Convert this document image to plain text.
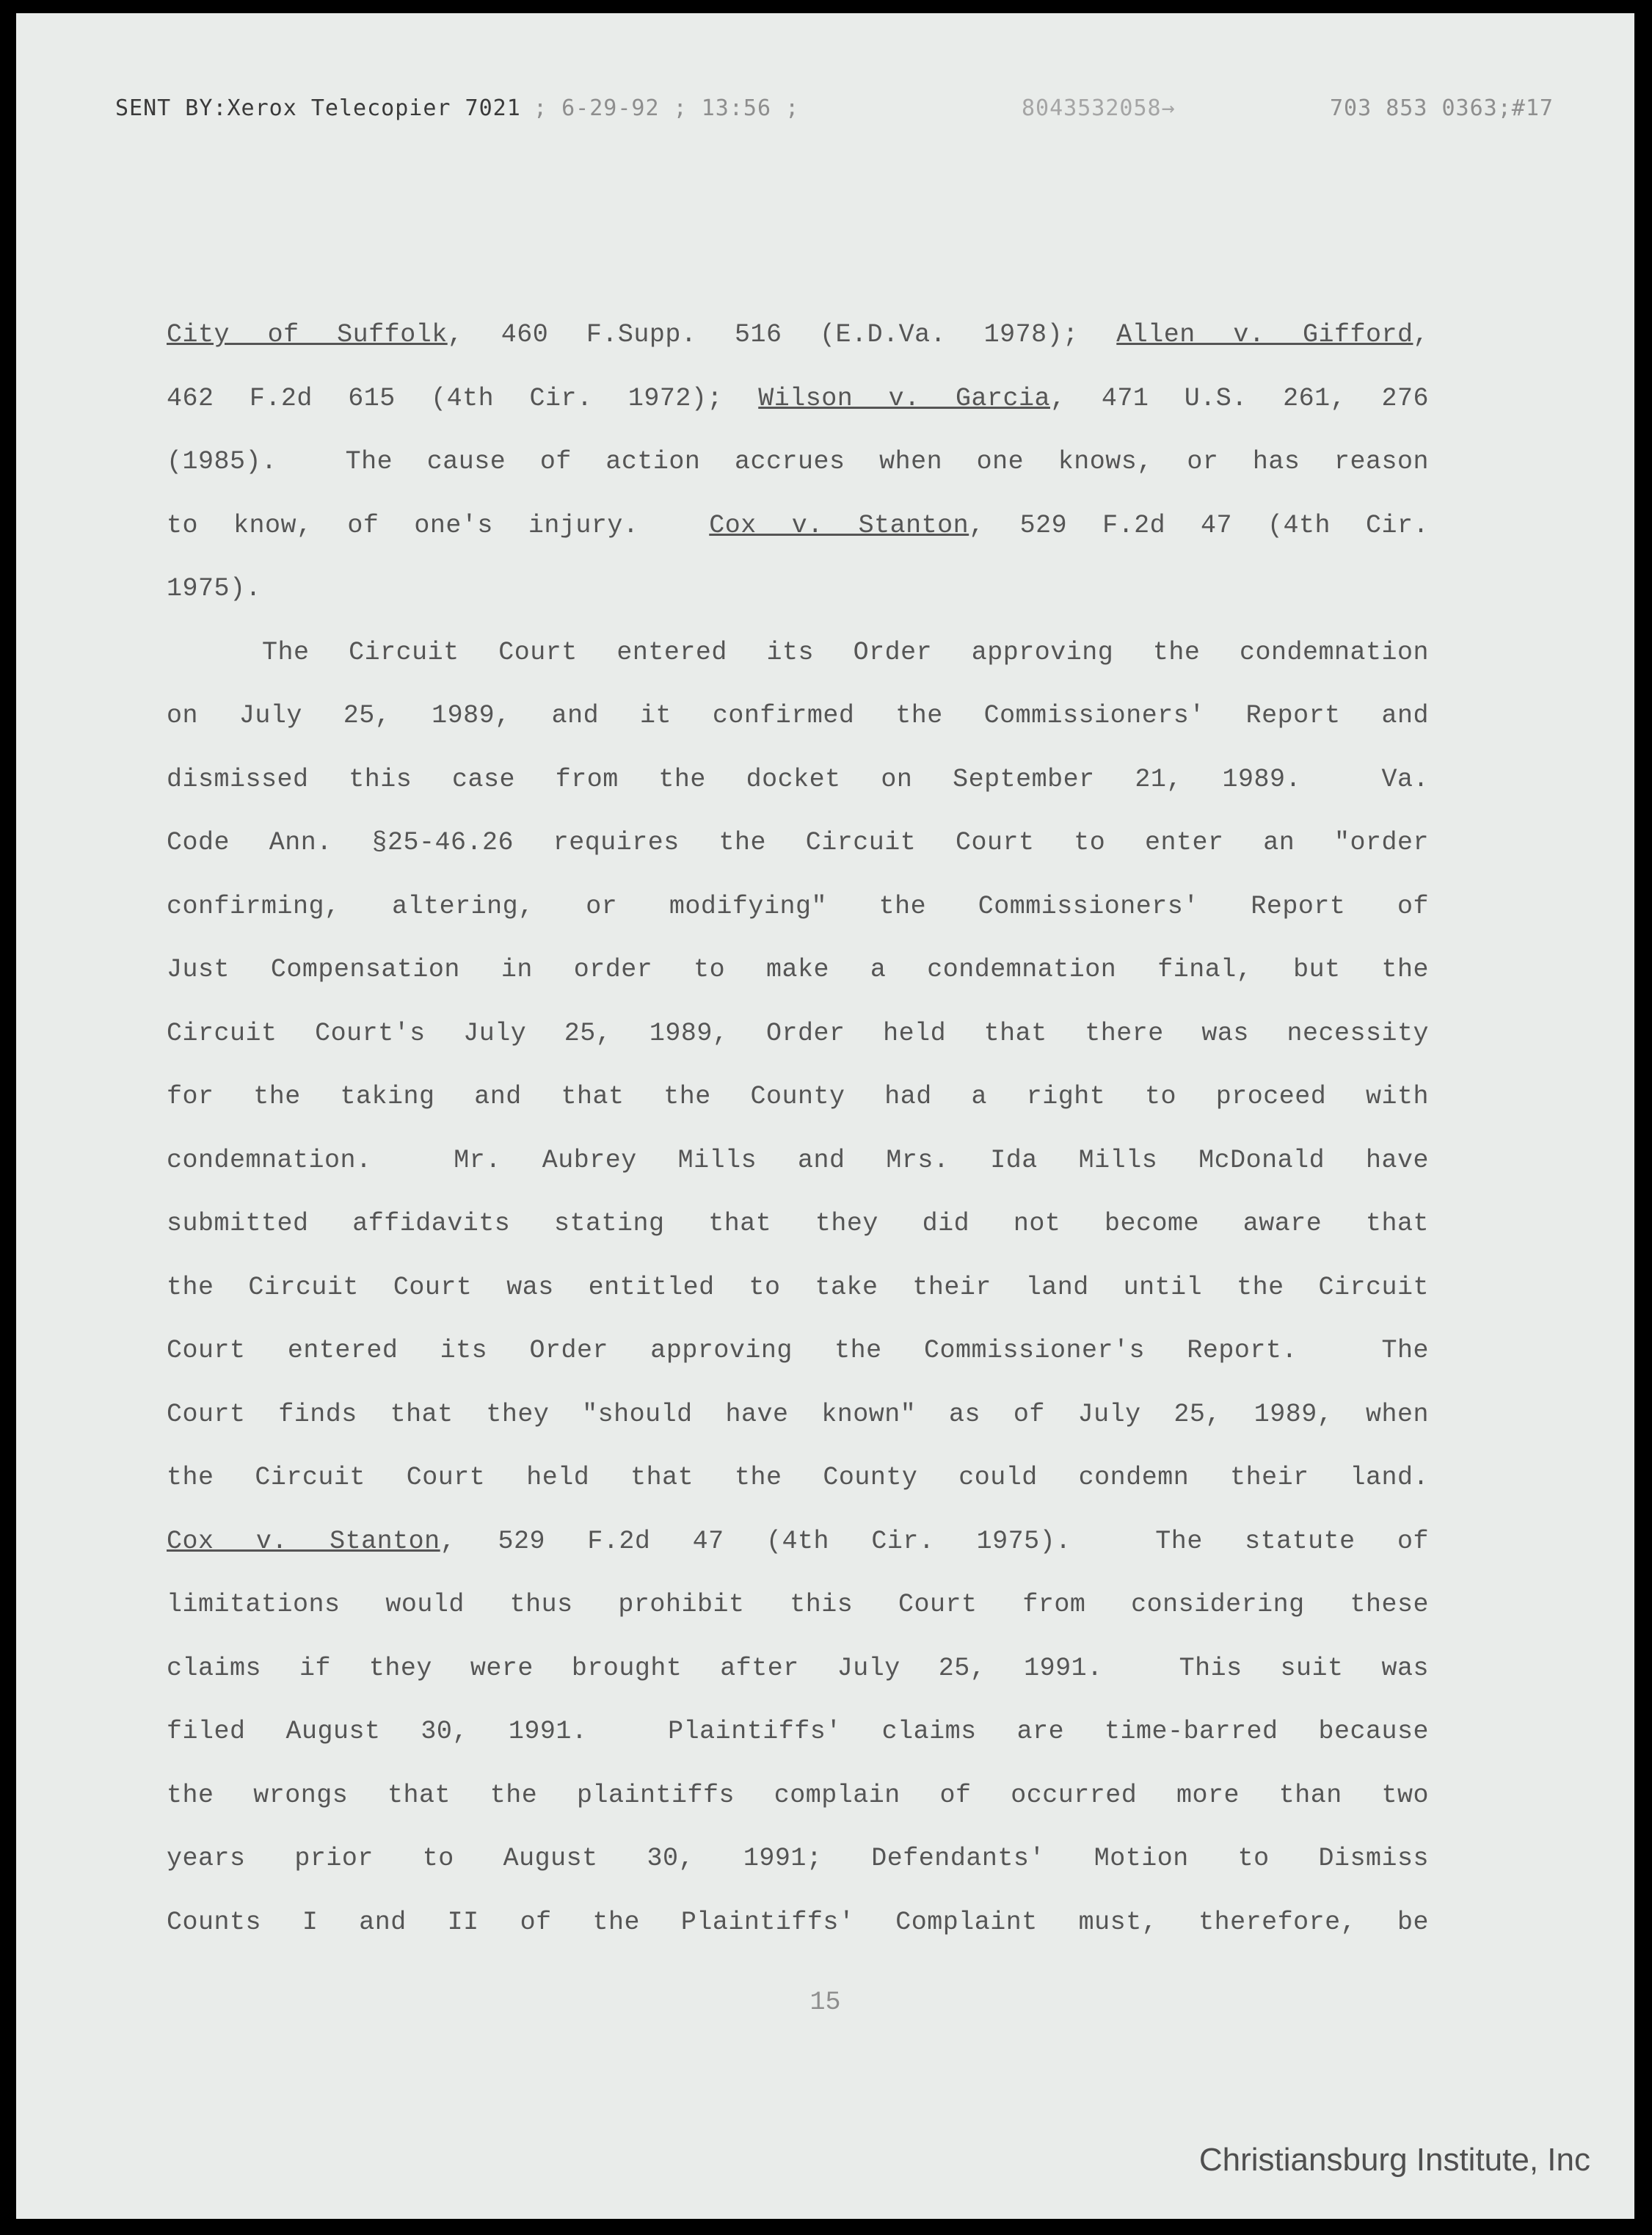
SENT BY:Xerox Telecopier 7021 ; 6-29-92 ; 13:56 ;	8043532058→	703 853 0363;#17
City of Suffolk, 460 F.Supp. 516 (E.D.Va. 1978); Allen v. Gifford,
462 F.2d 615 (4th Cir. 1972); Wilson v. Garcia, 471 U.S. 261, 276
(1985).  The cause of action accrues when one knows, or has reason
to know, of one's injury.  Cox v. Stanton, 529 F.2d 47 (4th Cir.
1975).
The Circuit Court entered its Order approving the condemnation
on July 25, 1989, and it confirmed the Commissioners' Report and
dismissed this case from the docket on September 21, 1989.  Va.
Code Ann. §25-46.26 requires the Circuit Court to enter an "order
confirming, altering, or modifying" the Commissioners' Report of
Just Compensation in order to make a condemnation final, but the
Circuit Court's July 25, 1989, Order held that there was necessity
for the taking and that the County had a right to proceed with
condemnation.  Mr. Aubrey Mills and Mrs. Ida Mills McDonald have
submitted affidavits stating that they did not become aware that
the Circuit Court was entitled to take their land until the Circuit
Court entered its Order approving the Commissioner's Report.  The
Court finds that they "should have known" as of July 25, 1989, when
the Circuit Court held that the County could condemn their land.
Cox v. Stanton, 529 F.2d 47 (4th Cir. 1975).  The statute of
limitations would thus prohibit this Court from considering these
claims if they were brought after July 25, 1991.  This suit was
filed August 30, 1991.  Plaintiffs' claims are time-barred because
the wrongs that the plaintiffs complain of occurred more than two
years prior to August 30, 1991; Defendants' Motion to Dismiss
Counts I and II of the Plaintiffs' Complaint must, therefore, be
15
Christiansburg Institute, Inc
